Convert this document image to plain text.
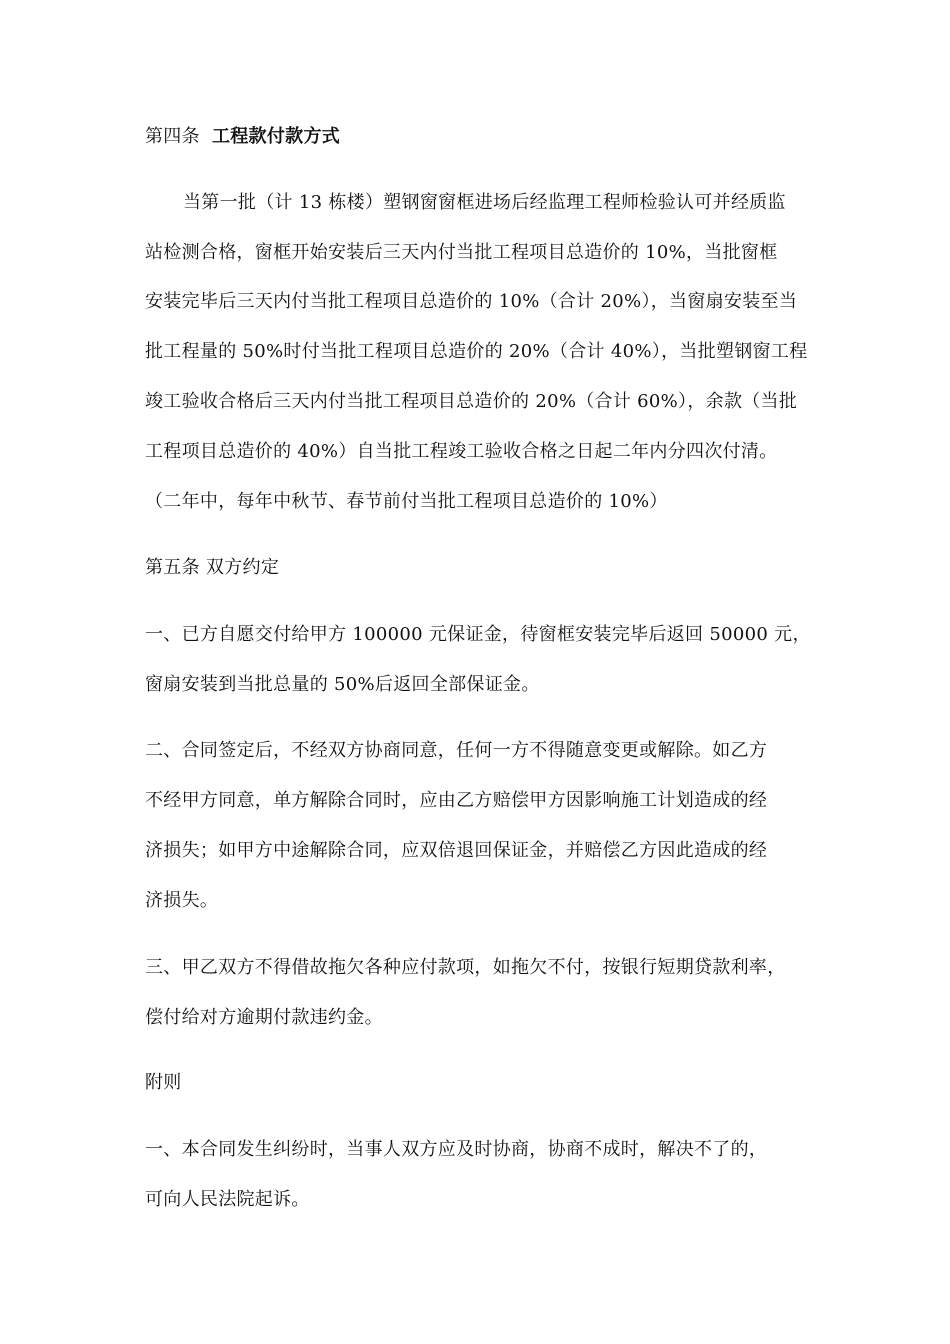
第四条 工程款付款方式
当第一批（计 13 栋楼）塑钢窗窗框进场后经监理工程师检验认可并经质监
站检测合格，窗框开始安装后三天内付当批工程项目总造价的 10%，当批窗框
安装完毕后三天内付当批工程项目总造价的 10%（合计 20%），当窗扇安装至当
批工程量的 50%时付当批工程项目总造价的 20%（合计 40%），当批塑钢窗工程
竣工验收合格后三天内付当批工程项目总造价的 20%（合计 60%），余款（当批
工程项目总造价的 40%）自当批工程竣工验收合格之日起二年内分四次付清。
（二年中，每年中秋节、春节前付当批工程项目总造价的 10%）
第五条 双方约定
一、已方自愿交付给甲方 100000 元保证金，待窗框安装完毕后返回 50000 元，
窗扇安装到当批总量的 50%后返回全部保证金。
二、合同签定后，不经双方协商同意，任何一方不得随意变更或解除。如乙方
不经甲方同意，单方解除合同时，应由乙方赔偿甲方因影响施工计划造成的经
济损失；如甲方中途解除合同，应双倍退回保证金，并赔偿乙方因此造成的经
济损失。
三、甲乙双方不得借故拖欠各种应付款项，如拖欠不付，按银行短期贷款利率，
偿付给对方逾期付款违约金。
附则
一、本合同发生纠纷时，当事人双方应及时协商，协商不成时，解决不了的，
可向人民法院起诉。
